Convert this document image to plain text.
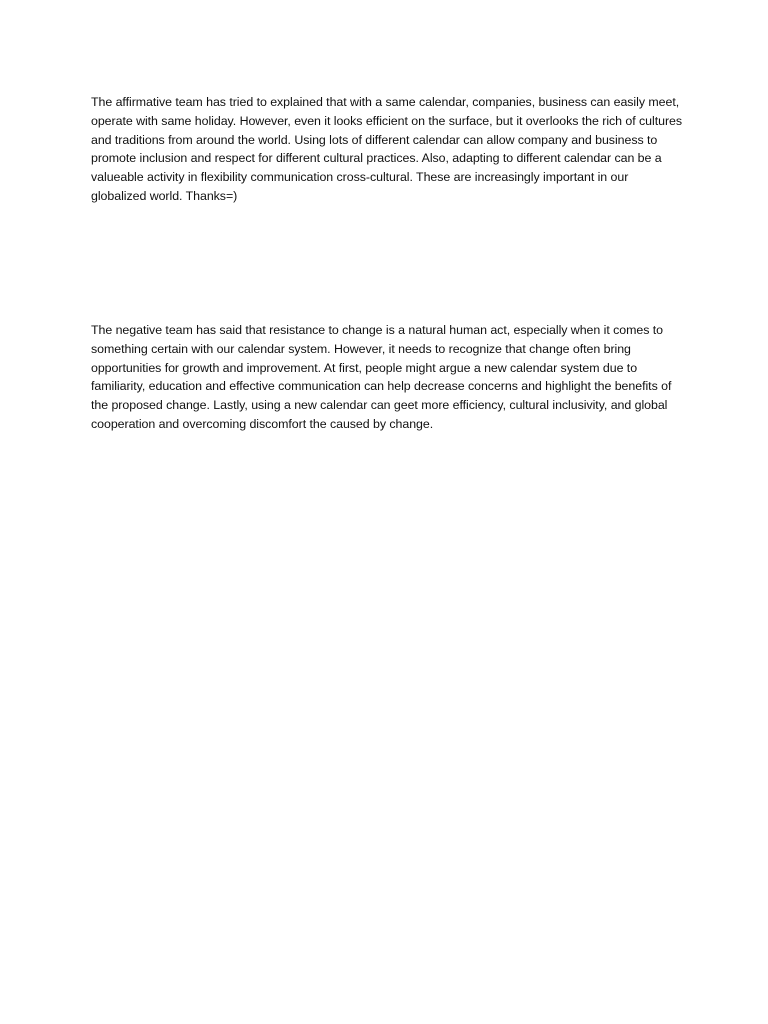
The affirmative team has tried to explained that with a same calendar, companies, business can easily meet, operate with same holiday. However, even it looks efficient on the surface, but it overlooks the rich of cultures and traditions from around the world. Using lots of different calendar can allow company and business to promote inclusion and respect for different cultural practices. Also, adapting to different calendar can be a valueable activity in flexibility communication cross-cultural. These are increasingly important in our globalized world. Thanks=)

The negative team has said that resistance to change is a natural human act, especially when it comes to something certain with our calendar system. However, it needs to recognize that change often bring opportunities for growth and improvement. At first, people might argue a new calendar system due to familiarity, education and effective communication can help decrease concerns and highlight the benefits of the proposed change. Lastly, using a new calendar can geet more efficiency, cultural inclusivity, and global cooperation and overcoming discomfort the caused by change.
